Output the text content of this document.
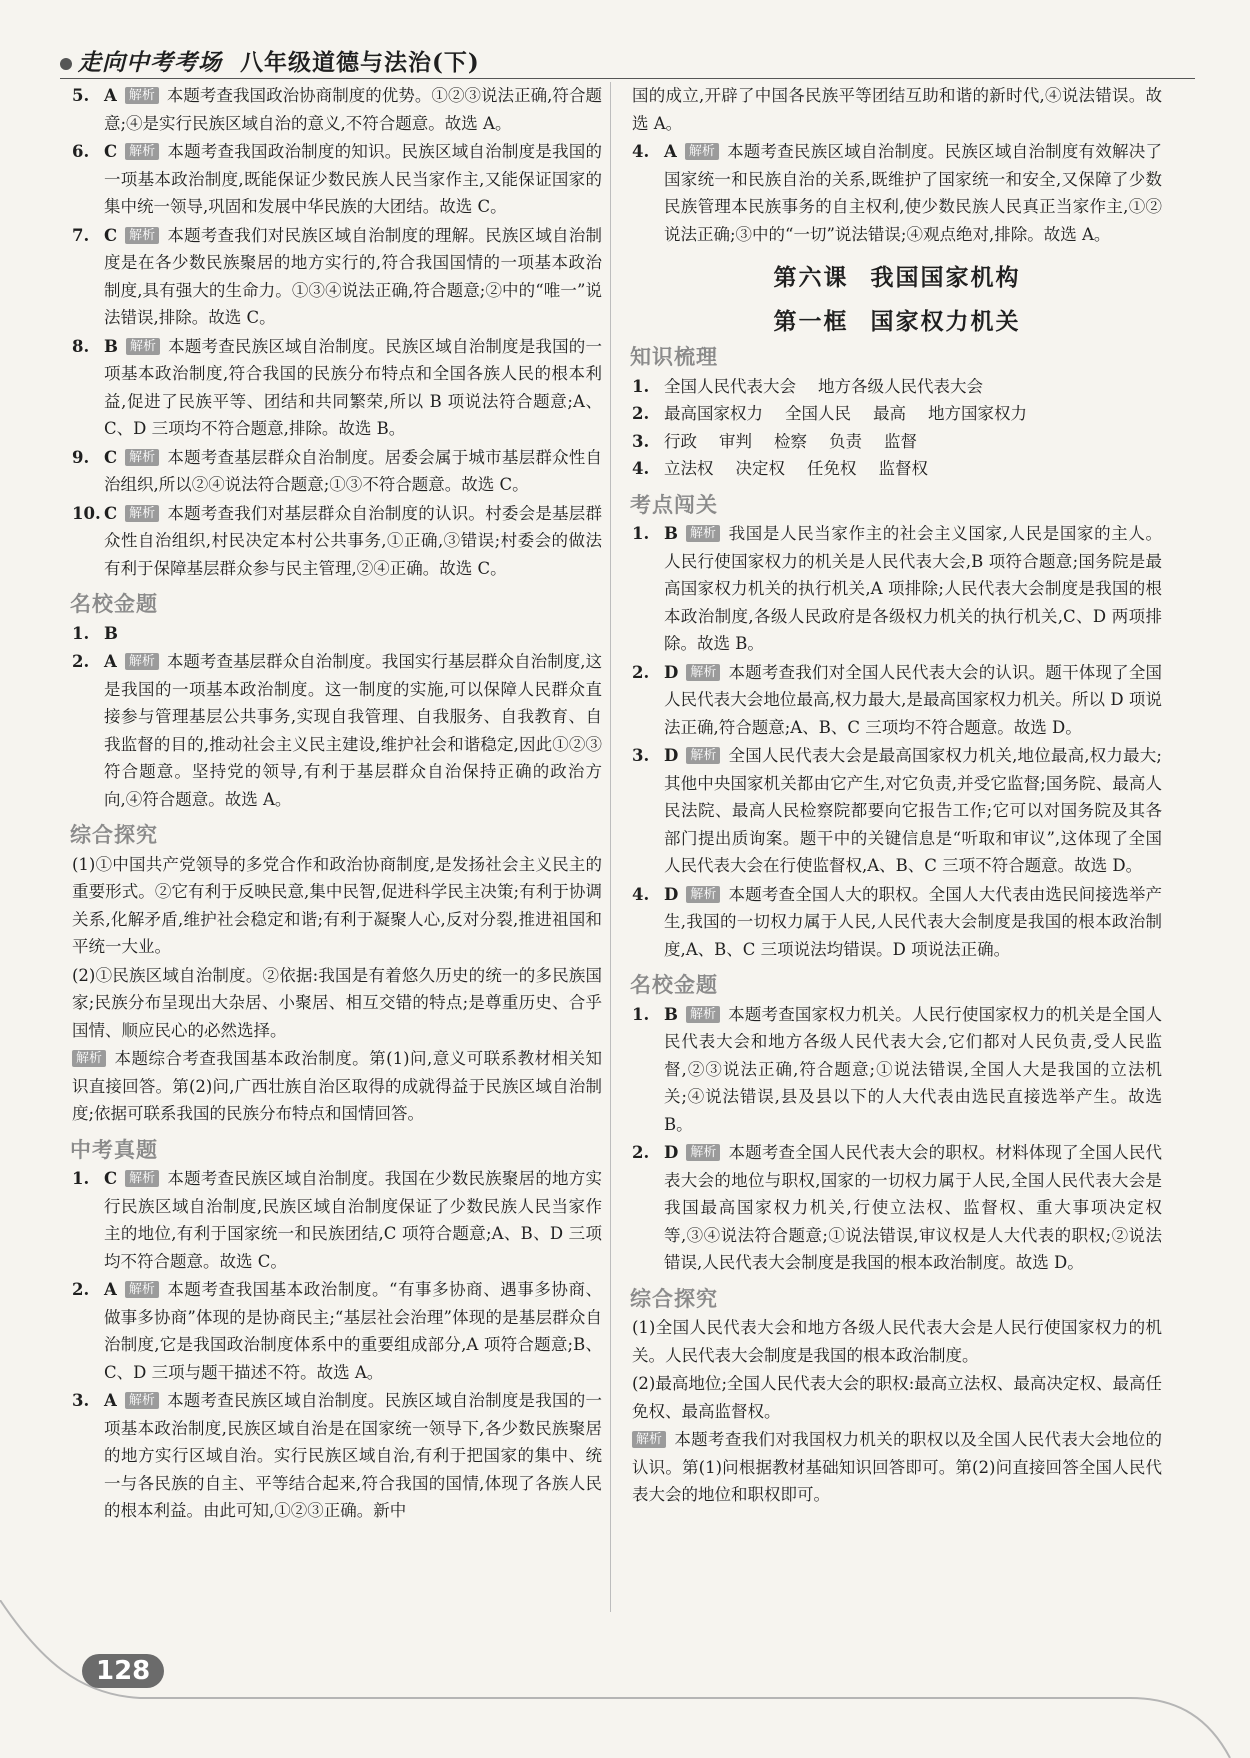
走向中考考场 八年级道德与法治(下)
5. A 解析 本题考查我国政治协商制度的优势。①②③说法正确,符合题意;④是实行民族区域自治的意义,不符合题意。故选 A。
6. C 解析 本题考查我国政治制度的知识。民族区域自治制度是我国的一项基本政治制度,既能保证少数民族人民当家作主,又能保证国家的集中统一领导,巩固和发展中华民族的大团结。故选 C。
7. C 解析 本题考查我们对民族区域自治制度的理解。民族区域自治制度是在各少数民族聚居的地方实行的,符合我国国情的一项基本政治制度,具有强大的生命力。①③④说法正确,符合题意;②中的“唯一”说法错误,排除。故选 C。
8. B 解析 本题考查民族区域自治制度。民族区域自治制度是我国的一项基本政治制度,符合我国的民族分布特点和全国各族人民的根本利益,促进了民族平等、团结和共同繁荣,所以 B 项说法符合题意;A、C、D 三项均不符合题意,排除。故选 B。
9. C 解析 本题考查基层群众自治制度。居委会属于城市基层群众性自治组织,所以②④说法符合题意;①③不符合题意。故选 C。
10. C 解析 本题考查我们对基层群众自治制度的认识。村委会是基层群众性自治组织,村民决定本村公共事务,①正确,③错误;村委会的做法有利于保障基层群众参与民主管理,②④正确。故选 C。
名校金题
1. B
2. A 解析 本题考查基层群众自治制度。我国实行基层群众自治制度,这是我国的一项基本政治制度。这一制度的实施,可以保障人民群众直接参与管理基层公共事务,实现自我管理、自我服务、自我教育、自我监督的目的,推动社会主义民主建设,维护社会和谐稳定,因此①②③符合题意。坚持党的领导,有利于基层群众自治保持正确的政治方向,④符合题意。故选 A。
综合探究
(1)①中国共产党领导的多党合作和政治协商制度,是发扬社会主义民主的重要形式。②它有利于反映民意,集中民智,促进科学民主决策;有利于协调关系,化解矛盾,维护社会稳定和谐;有利于凝聚人心,反对分裂,推进祖国和平统一大业。
(2)①民族区域自治制度。②依据:我国是有着悠久历史的统一的多民族国家;民族分布呈现出大杂居、小聚居、相互交错的特点;是尊重历史、合乎国情、顺应民心的必然选择。
解析 本题综合考查我国基本政治制度。第(1)问,意义可联系教材相关知识直接回答。第(2)问,广西壮族自治区取得的成就得益于民族区域自治制度;依据可联系我国的民族分布特点和国情回答。
中考真题
1. C 解析 本题考查民族区域自治制度。我国在少数民族聚居的地方实行民族区域自治制度,民族区域自治制度保证了少数民族人民当家作主的地位,有利于国家统一和民族团结,C 项符合题意;A、B、D 三项均不符合题意。故选 C。
2. A 解析 本题考查我国基本政治制度。“有事多协商、遇事多协商、做事多协商”体现的是协商民主;“基层社会治理”体现的是基层群众自治制度,它是我国政治制度体系中的重要组成部分,A 项符合题意;B、C、D 三项与题干描述不符。故选 A。
3. A 解析 本题考查民族区域自治制度。民族区域自治制度是我国的一项基本政治制度,民族区域自治是在国家统一领导下,各少数民族聚居的地方实行区域自治。实行民族区域自治,有利于把国家的集中、统一与各民族的自主、平等结合起来,符合我国的国情,体现了各族人民的根本利益。由此可知,①②③正确。新中
国的成立,开辟了中国各民族平等团结互助和谐的新时代,④说法错误。故选 A。
4. A 解析 本题考查民族区域自治制度。民族区域自治制度有效解决了国家统一和民族自治的关系,既维护了国家统一和安全,又保障了少数民族管理本民族事务的自主权利,使少数民族人民真正当家作主,①②说法正确;③中的“一切”说法错误;④观点绝对,排除。故选 A。
第六课 我国国家机构
第一框 国家权力机关
知识梳理
1. 全国人民代表大会 地方各级人民代表大会
2. 最高国家权力 全国人民 最高 地方国家权力
3. 行政 审判 检察 负责 监督
4. 立法权 决定权 任免权 监督权
考点闯关
1. B 解析 我国是人民当家作主的社会主义国家,人民是国家的主人。人民行使国家权力的机关是人民代表大会,B 项符合题意;国务院是最高国家权力机关的执行机关,A 项排除;人民代表大会制度是我国的根本政治制度,各级人民政府是各级权力机关的执行机关,C、D 两项排除。故选 B。
2. D 解析 本题考查我们对全国人民代表大会的认识。题干体现了全国人民代表大会地位最高,权力最大,是最高国家权力机关。所以 D 项说法正确,符合题意;A、B、C 三项均不符合题意。故选 D。
3. D 解析 全国人民代表大会是最高国家权力机关,地位最高,权力最大;其他中央国家机关都由它产生,对它负责,并受它监督;国务院、最高人民法院、最高人民检察院都要向它报告工作;它可以对国务院及其各部门提出质询案。题干中的关键信息是“听取和审议”,这体现了全国人民代表大会在行使监督权,A、B、C 三项不符合题意。故选 D。
4. D 解析 本题考查全国人大的职权。全国人大代表由选民间接选举产生,我国的一切权力属于人民,人民代表大会制度是我国的根本政治制度,A、B、C 三项说法均错误。D 项说法正确。
名校金题
1. B 解析 本题考查国家权力机关。人民行使国家权力的机关是全国人民代表大会和地方各级人民代表大会,它们都对人民负责,受人民监督,②③说法正确,符合题意;①说法错误,全国人大是我国的立法机关;④说法错误,县及县以下的人大代表由选民直接选举产生。故选 B。
2. D 解析 本题考查全国人民代表大会的职权。材料体现了全国人民代表大会的地位与职权,国家的一切权力属于人民,全国人民代表大会是我国最高国家权力机关,行使立法权、监督权、重大事项决定权等,③④说法符合题意;①说法错误,审议权是人大代表的职权;②说法错误,人民代表大会制度是我国的根本政治制度。故选 D。
综合探究
(1)全国人民代表大会和地方各级人民代表大会是人民行使国家权力的机关。人民代表大会制度是我国的根本政治制度。
(2)最高地位;全国人民代表大会的职权:最高立法权、最高决定权、最高任免权、最高监督权。
解析 本题考查我们对我国权力机关的职权以及全国人民代表大会地位的认识。第(1)问根据教材基础知识回答即可。第(2)问直接回答全国人民代表大会的地位和职权即可。
128
